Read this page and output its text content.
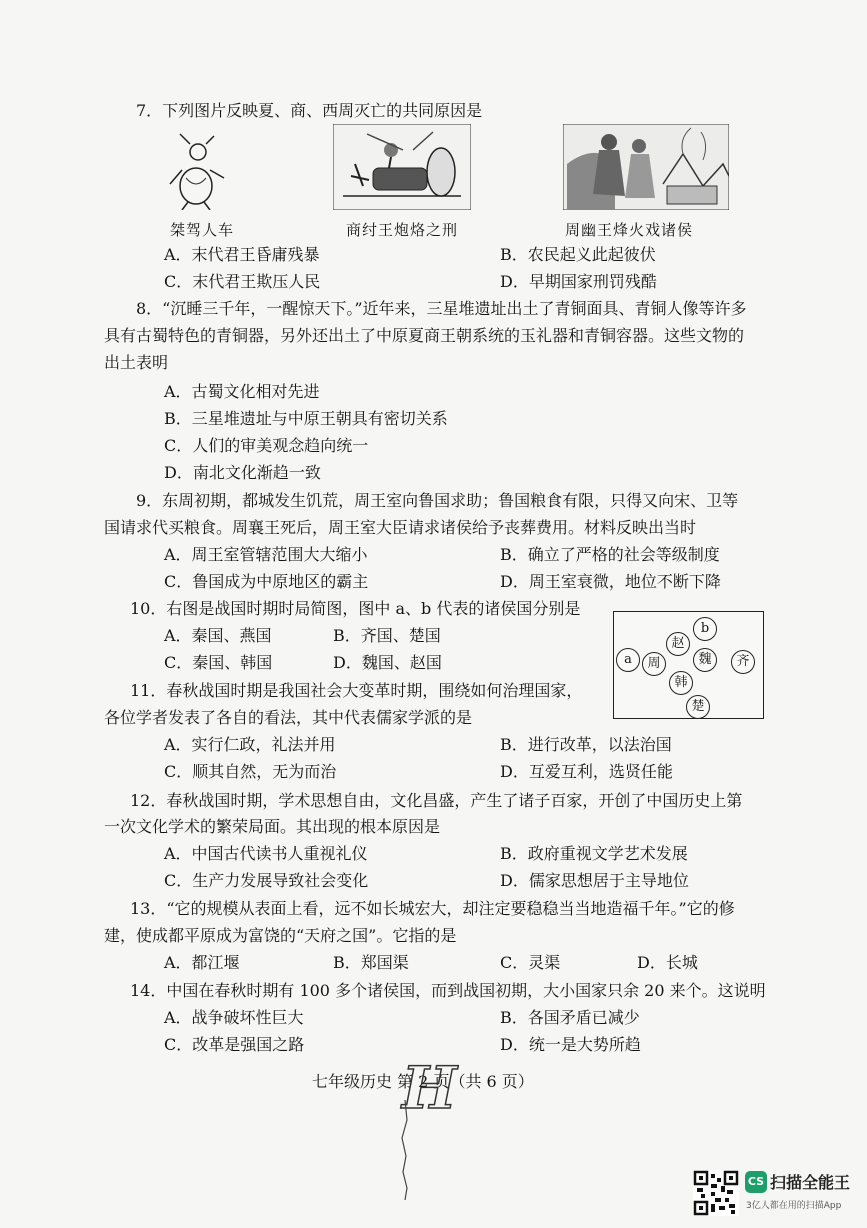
7．下列图片反映夏、商、西周灭亡的共同原因是
桀驾人车	商纣王炮烙之刑	周幽王烽火戏诸侯
A．末代君王昏庸残暴	B．农民起义此起彼伏
C．末代君王欺压人民	D．早期国家刑罚残酷
8．“沉睡三千年，一醒惊天下。”近年来，三星堆遗址出土了青铜面具、青铜人像等许多
具有古蜀特色的青铜器，另外还出土了中原夏商王朝系统的玉礼器和青铜容器。这些文物的
出土表明
A．古蜀文化相对先进
B．三星堆遗址与中原王朝具有密切关系
C．人们的审美观念趋向统一
D．南北文化渐趋一致
9．东周初期，都城发生饥荒，周王室向鲁国求助；鲁国粮食有限，只得又向宋、卫等
国请求代买粮食。周襄王死后，周王室大臣请求诸侯给予丧葬费用。材料反映出当时
A．周王室管辖范围大大缩小	B．确立了严格的社会等级制度
C．鲁国成为中原地区的霸主	D．周王室衰微，地位不断下降
10．右图是战国时期时局简图，图中 a、b 代表的诸侯国分别是
A．秦国、燕国	B．齐国、楚国
C．秦国、韩国	D．魏国、赵国
b
赵
魏	齐
a	周
韩
楚
11．春秋战国时期是我国社会大变革时期，围绕如何治理国家，
各位学者发表了各自的看法，其中代表儒家学派的是
A．实行仁政，礼法并用	B．进行改革，以法治国
C．顺其自然，无为而治	D．互爱互利，选贤任能
12．春秋战国时期，学术思想自由，文化昌盛，产生了诸子百家，开创了中国历史上第
一次文化学术的繁荣局面。其出现的根本原因是
A．中国古代读书人重视礼仪	B．政府重视文学艺术发展
C．生产力发展导致社会变化	D．儒家思想居于主导地位
13．“它的规模从表面上看，远不如长城宏大，却注定要稳稳当当地造福千年。”它的修
建，使成都平原成为富饶的“天府之国”。它指的是
A．都江堰	B．郑国渠	C．灵渠	D．长城
14．中国在春秋时期有 100 多个诸侯国，而到战国初期，大小国家只余 20 来个。这说明
A．战争破坏性巨大	B．各国矛盾已减少
C．改革是强国之路	D．统一是大势所趋
七年级历史 第 2 页（共 6 页）
H
CS 扫描全能王
3亿人都在用的扫描App
